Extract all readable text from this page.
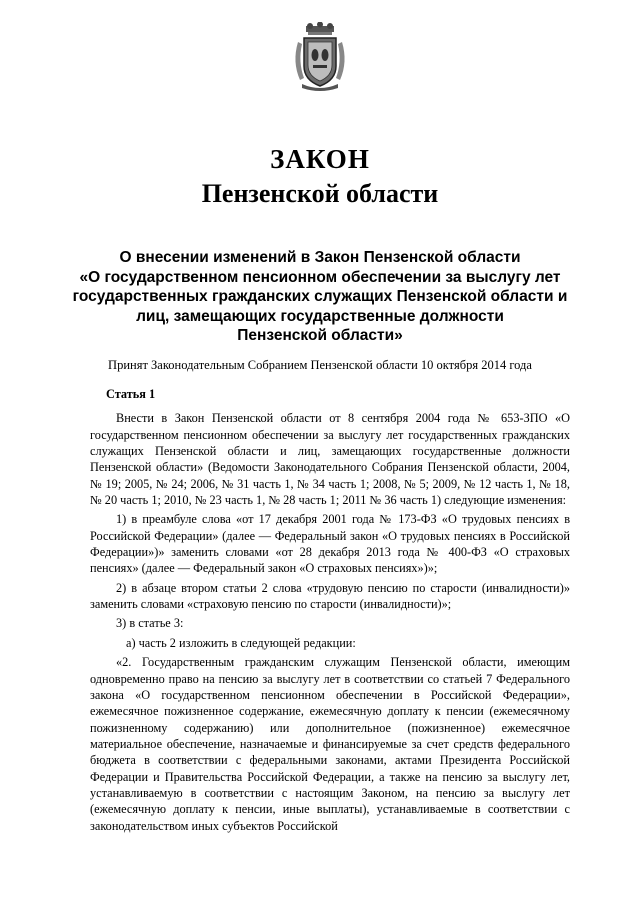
ЗАКОН
Пензенской области
О внесении изменений в Закон Пензенской области
«О государственном пенсионном обеспечении за выслугу лет
государственных гражданских служащих Пензенской области и
лиц, замещающих государственные должности
Пензенской области»
Принят Законодательным Собранием Пензенской области 10 октября 2014 года

Статья 1

Внести в Закон Пензенской области от 8 сентября 2004 года № 653-ЗПО «О государственном пенсионном обеспечении за выслугу лет государственных гражданских служащих Пензенской области и лиц, замещающих государственные должности Пензенской области» (Ведомости Законодательного Собрания Пензенской области, 2004, № 19; 2005, № 24; 2006, № 31 часть 1, № 34 часть 1; 2008, № 5; 2009, № 12 часть 1, № 18, № 20 часть 1; 2010, № 23 часть 1, № 28 часть 1; 2011 № 36 часть 1) следующие изменения:

1) в преамбуле слова «от 17 декабря 2001 года № 173-ФЗ «О трудовых пенсиях в Российской Федерации» (далее — Федеральный закон «О трудовых пенсиях в Российской Федерации»)» заменить словами «от 28 декабря 2013 года № 400-ФЗ «О страховых пенсиях» (далее — Федеральный закон «О страховых пенсиях»)»;

2) в абзаце втором статьи 2 слова «трудовую пенсию по старости (инвалидности)» заменить словами «страховую пенсию по старости (инвалидности)»;

3) в статье 3:

а) часть 2 изложить в следующей редакции:

«2. Государственным гражданским служащим Пензенской области, имеющим одновременно право на пенсию за выслугу лет в соответствии со статьей 7 Федерального закона «О государственном пенсионном обеспечении в Российской Федерации», ежемесячное пожизненное содержание, ежемесячную доплату к пенсии (ежемесячному пожизненному содержанию) или дополнительное (пожизненное) ежемесячное материальное обеспечение, назначаемые и финансируемые за счет средств федерального бюджета в соответствии с федеральными законами, актами Президента Российской Федерации и Правительства Российской Федерации, а также на пенсию за выслугу лет, устанавливаемую в соответствии с настоящим Законом, на пенсию за выслугу лет (ежемесячную доплату к пенсии, иные выплаты), устанавливаемые в соответствии с законодательством иных субъектов Российской
